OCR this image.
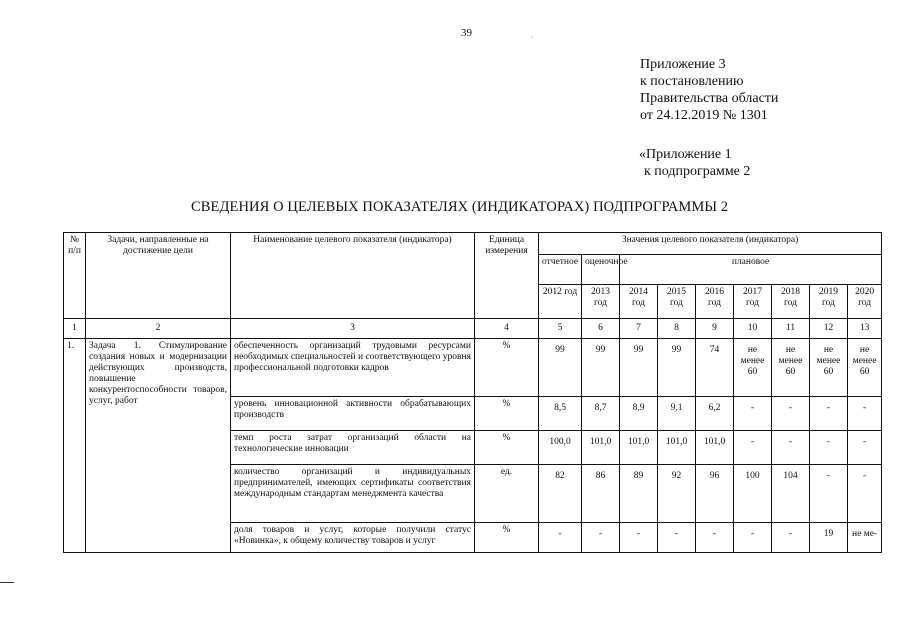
39	·
Приложение 3
к постановлению
Правительства области
от 24.12.2019 № 1301
«Приложение 1
к подпрограмме 2
СВЕДЕНИЯ О ЦЕЛЕВЫХ ПОКАЗАТЕЛЯХ (ИНДИКАТОРАХ) ПОДПРОГРАММЫ 2
№ п/п	Задачи, направленные на достижение цели	Наименование целевого показателя (индикатора)	Единица измерения	Значения целевого показателя (индикатора)								
				отчетное	оценочное	плановое						
				2012 год	2013 год	2014 год	2015 год	2016 год	2017 год	2018 год	2019 год	2020 год
1	2	3	4	5	6	7	8	9	10	11	12	13
1.	Задача 1. Стимулирование создания новых и модернизации действующих производств, повышение конкурентоспособности товаров, услуг, работ	обеспеченность организаций трудовыми ресурсами необходимых специальностей и соответствующего уровня профессиональной подготовки кадров	%	99	99	99	99	74	не менее 60	не менее 60	не менее 60	не менее 60
		уровень инновационной активности обрабатывающих производств	%	8,5	8,7	8,9	9,1	6,2	-	-	-	-
		темп роста затрат организаций области на технологические инновации	%	100,0	101,0	101,0	101,0	101,0	-	-	-	-
		количество организаций и индивидуальных предпринимателей, имеющих сертификаты соответствия международным стандартам менеджмента качества	ед.	82	86	89	92	96	100	104	-	-
		доля товаров и услуг, которые получили статус «Новинка», к общему количеству товаров и услуг	%	-	-	-	-	-	-	-	19	не ме-
